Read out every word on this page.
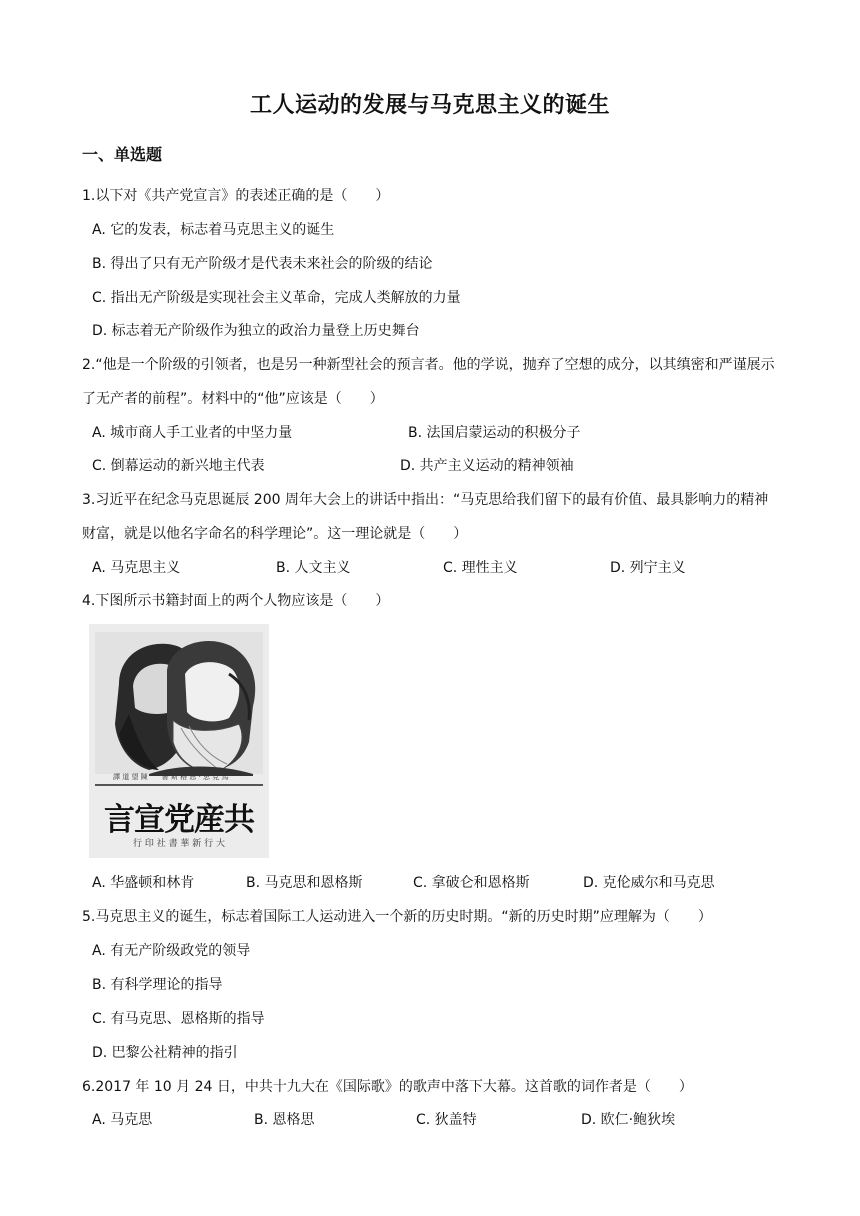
工人运动的发展与马克思主义的诞生
一、单选题
1.以下对《共产党宣言》的表述正确的是（　　）
A. 它的发表，标志着马克思主义的诞生
B. 得出了只有无产阶级才是代表未来社会的阶级的结论
C. 指出无产阶级是实现社会主义革命，完成人类解放的力量
D. 标志着无产阶级作为独立的政治力量登上历史舞台
2.“他是一个阶级的引领者，也是另一种新型社会的预言者。他的学说，抛弃了空想的成分，以其缜密和严谨展示了无产者的前程”。材料中的“他”应该是（　　）
A. 城市商人手工业者的中坚力量	B. 法国启蒙运动的积极分子
C. 倒幕运动的新兴地主代表	D. 共产主义运动的精神领袖
3.习近平在纪念马克思诞辰 200 周年大会上的讲话中指出：“马克思给我们留下的最有价值、最具影响力的精神财富，就是以他名字命名的科学理论”。这一理论就是（　　）
A. 马克思主义	B. 人文主义	C. 理性主义	D. 列宁主义
4.下图所示书籍封面上的两个人物应该是（　　）
譯 道 望 陳　　著 斯 格 恩 · 思 克 馬
言宣党産共
行 印 社 書 華 新 行 大
A. 华盛顿和林肯	B. 马克思和恩格斯	C. 拿破仑和恩格斯	D. 克伦威尔和马克思
5.马克思主义的诞生，标志着国际工人运动进入一个新的历史时期。“新的历史时期”应理解为（　　）
A. 有无产阶级政党的领导
B. 有科学理论的指导
C. 有马克思、恩格斯的指导
D. 巴黎公社精神的指引
6.2017 年 10 月 24 日，中共十九大在《国际歌》的歌声中落下大幕。这首歌的词作者是（　　）
A. 马克思	B. 恩格思	C. 狄盖特	D. 欧仁·鲍狄埃
